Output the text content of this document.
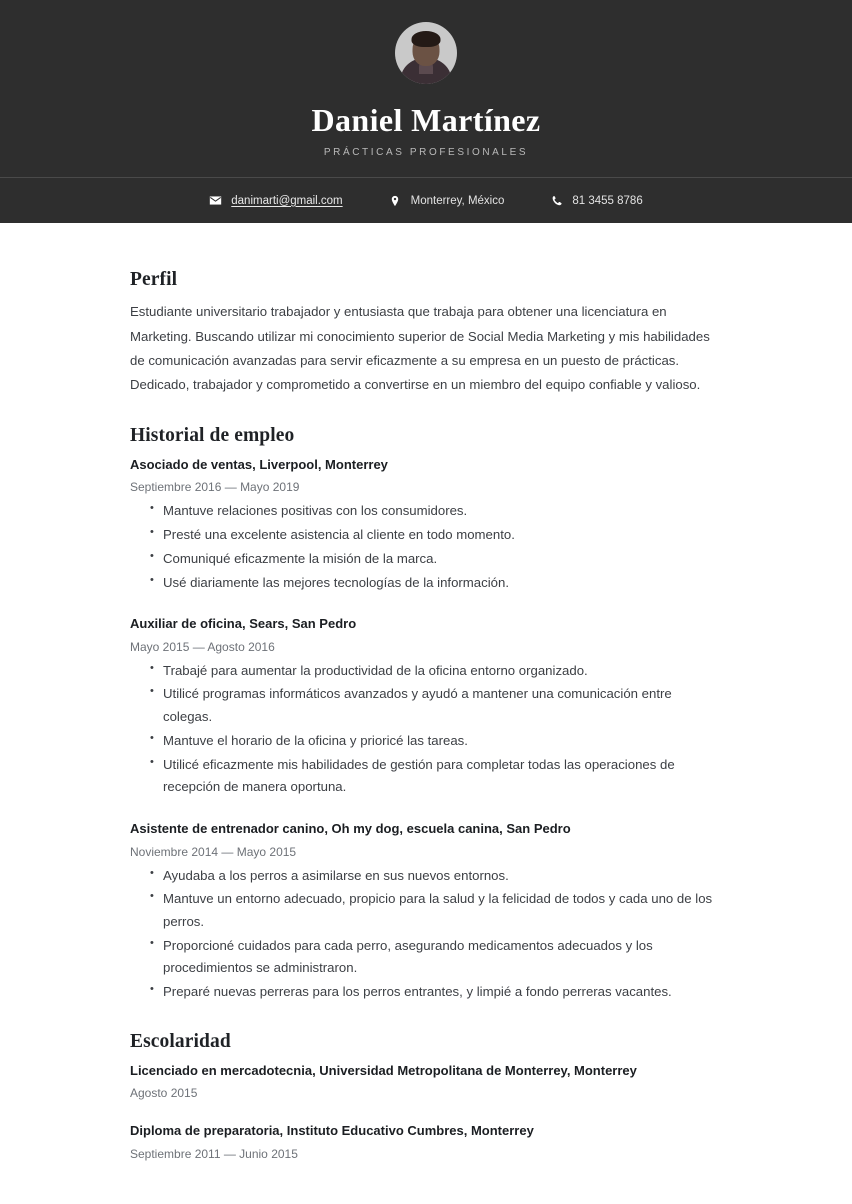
Daniel Martínez
PRÁCTICAS PROFESIONALES
danimarti@gmail.com	Monterrey, México	81 3455 8786
Perfil

Estudiante universitario trabajador y entusiasta que trabaja para obtener una licenciatura en Marketing. Buscando utilizar mi conocimiento superior de Social Media Marketing y mis habilidades de comunicación avanzadas para servir eficazmente a su empresa en un puesto de prácticas. Dedicado, trabajador y comprometido a convertirse en un miembro del equipo confiable y valioso.

Historial de empleo
Asociado de ventas, Liverpool, Monterrey
Septiembre 2016 — Mayo 2019
• Mantuve relaciones positivas con los consumidores.
• Presté una excelente asistencia al cliente en todo momento.
• Comuniqué eficazmente la misión de la marca.
• Usé diariamente las mejores tecnologías de la información.
Auxiliar de oficina, Sears, San Pedro
Mayo 2015 — Agosto 2016
• Trabajé para aumentar la productividad de la oficina entorno organizado.
• Utilicé programas informáticos avanzados y ayudó a mantener una comunicación entre colegas.
• Mantuve el horario de la oficina y prioricé las tareas.
• Utilicé eficazmente mis habilidades de gestión para completar todas las operaciones de recepción de manera oportuna.
Asistente de entrenador canino, Oh my dog, escuela canina, San Pedro
Noviembre 2014 — Mayo 2015
• Ayudaba a los perros a asimilarse en sus nuevos entornos.
• Mantuve un entorno adecuado, propicio para la salud y la felicidad de todos y cada uno de los perros.
• Proporcioné cuidados para cada perro, asegurando medicamentos adecuados y los procedimientos se administraron.
• Preparé nuevas perreras para los perros entrantes, y limpié a fondo perreras vacantes.
Escolaridad
Licenciado en mercadotecnia, Universidad Metropolitana de Monterrey, Monterrey
Agosto 2015
Diploma de preparatoria, Instituto Educativo Cumbres, Monterrey
Septiembre 2011 — Junio 2015
